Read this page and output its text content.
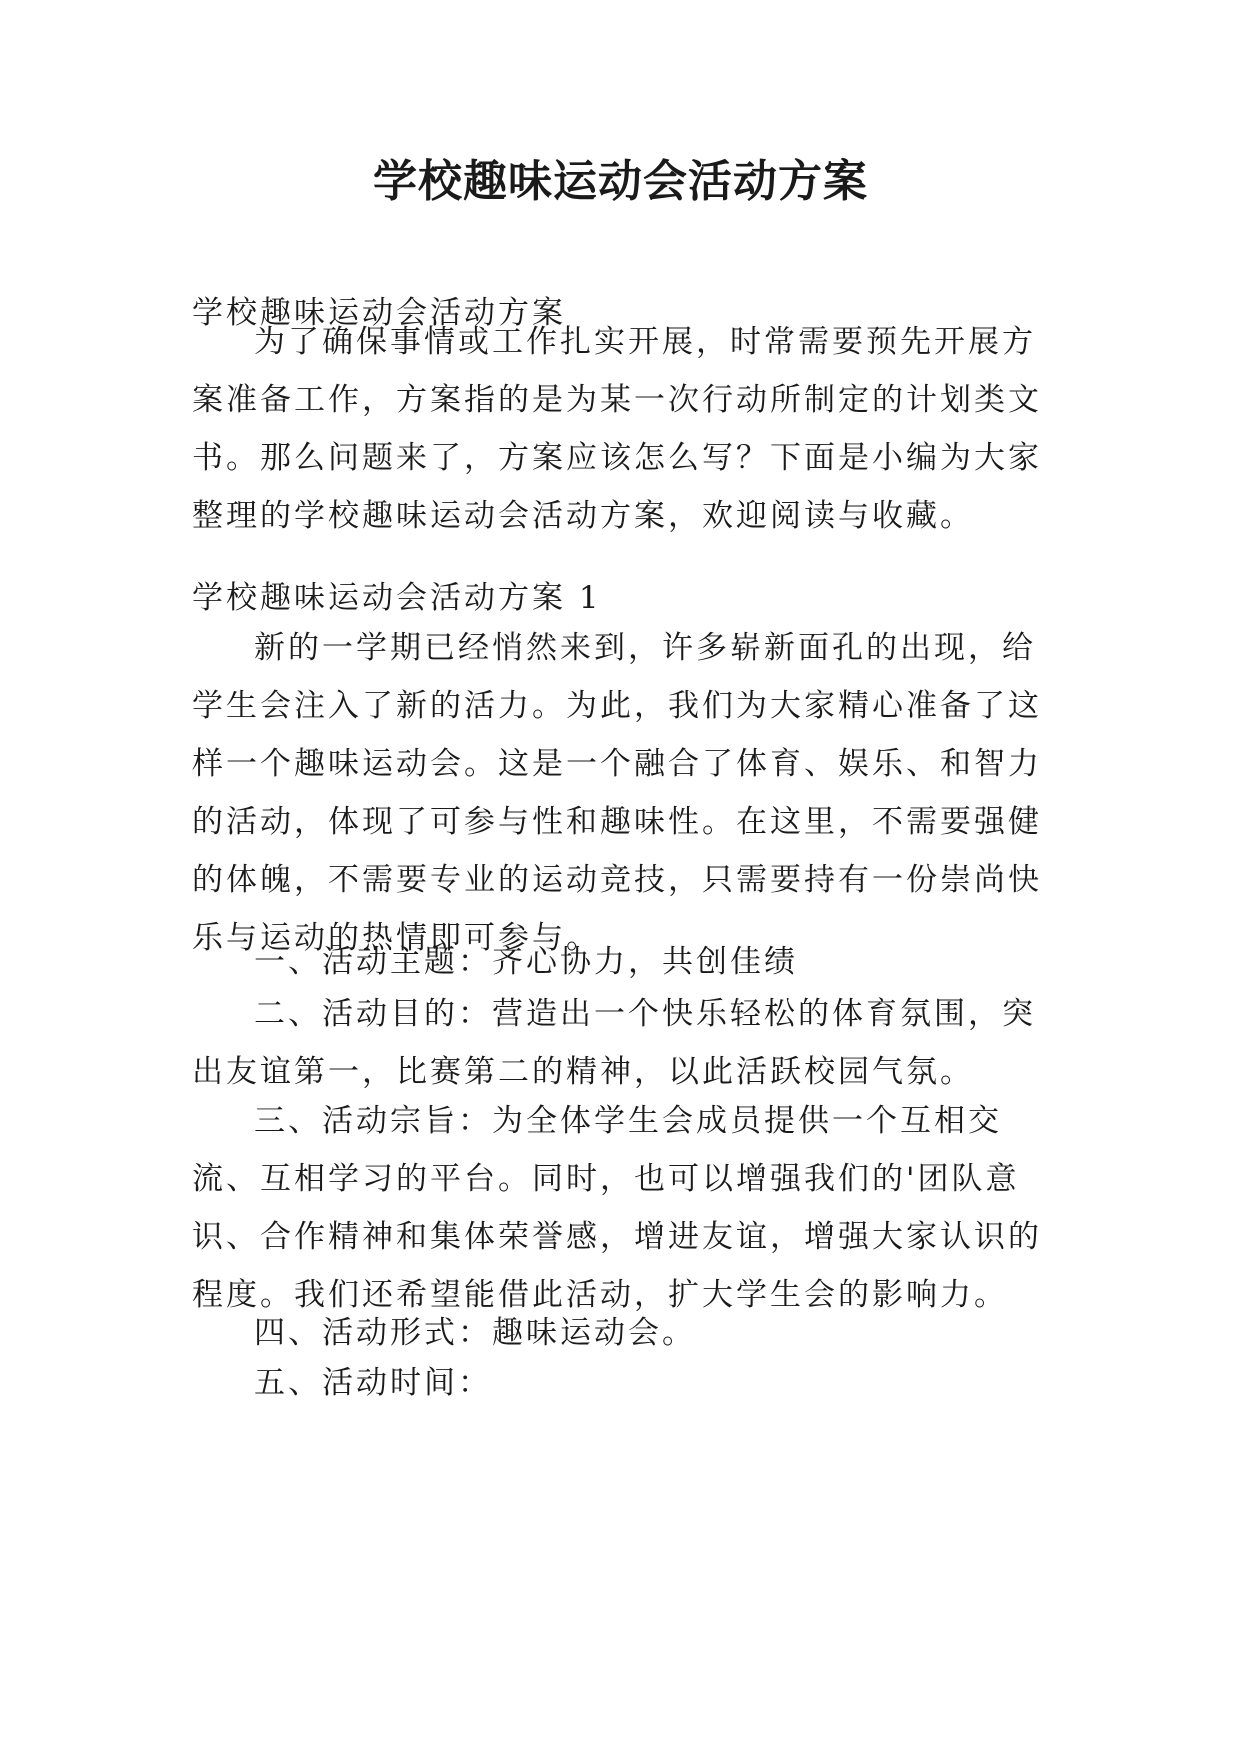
学校趣味运动会活动方案

学校趣味运动会活动方案

为了确保事情或工作扎实开展，时常需要预先开展方案准备工作，方案指的是为某一次行动所制定的计划类文书。那么问题来了，方案应该怎么写？下面是小编为大家整理的学校趣味运动会活动方案，欢迎阅读与收藏。

学校趣味运动会活动方案 1

新的一学期已经悄然来到，许多崭新面孔的出现，给学生会注入了新的活力。为此，我们为大家精心准备了这样一个趣味运动会。这是一个融合了体育、娱乐、和智力的活动，体现了可参与性和趣味性。在这里，不需要强健的体魄，不需要专业的运动竞技，只需要持有一份崇尚快乐与运动的热情即可参与。

一、活动主题：齐心协力，共创佳绩

二、活动目的：营造出一个快乐轻松的体育氛围，突出友谊第一，比赛第二的精神，以此活跃校园气氛。

三、活动宗旨：为全体学生会成员提供一个互相交流、互相学习的平台。同时，也可以增强我们的'团队意识、合作精神和集体荣誉感，增进友谊，增强大家认识的程度。我们还希望能借此活动，扩大学生会的影响力。

四、活动形式：趣味运动会。

五、活动时间：
